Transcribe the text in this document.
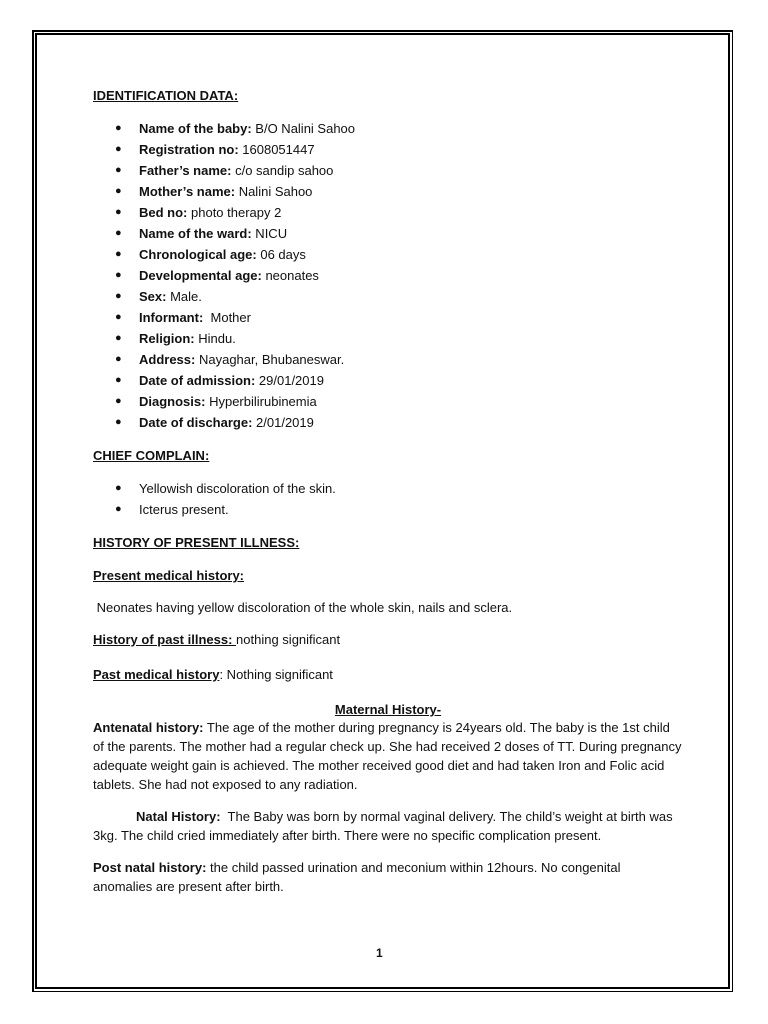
IDENTIFICATION DATA:

● Name of the baby: B/O Nalini Sahoo
● Registration no: 1608051447
● Father’s name: c/o sandip sahoo
● Mother’s name: Nalini Sahoo
● Bed no: photo therapy 2
● Name of the ward: NICU
● Chronological age: 06 days
● Developmental age: neonates
● Sex: Male.
● Informant:  Mother
● Religion: Hindu.
● Address: Nayaghar, Bhubaneswar.
● Date of admission: 29/01/2019
● Diagnosis: Hyperbilirubinemia
● Date of discharge: 2/01/2019

CHIEF COMPLAIN:

● Yellowish discoloration of the skin.
● Icterus present.

HISTORY OF PRESENT ILLNESS:

Present medical history:

Neonates having yellow discoloration of the whole skin, nails and sclera.

History of past illness: nothing significant

Past medical history: Nothing significant

Maternal History-

Antenatal history: The age of the mother during pregnancy is 24years old. The baby is the 1st child of the parents. The mother had a regular check up. She had received 2 doses of TT. During pregnancy adequate weight gain is achieved. The mother received good diet and had taken Iron and Folic acid tablets. She had not exposed to any radiation.

Natal History:  The Baby was born by normal vaginal delivery. The child’s weight at birth was 3kg. The child cried immediately after birth. There were no specific complication present.

Post natal history: the child passed urination and meconium within 12hours. No congenital anomalies are present after birth.

1
